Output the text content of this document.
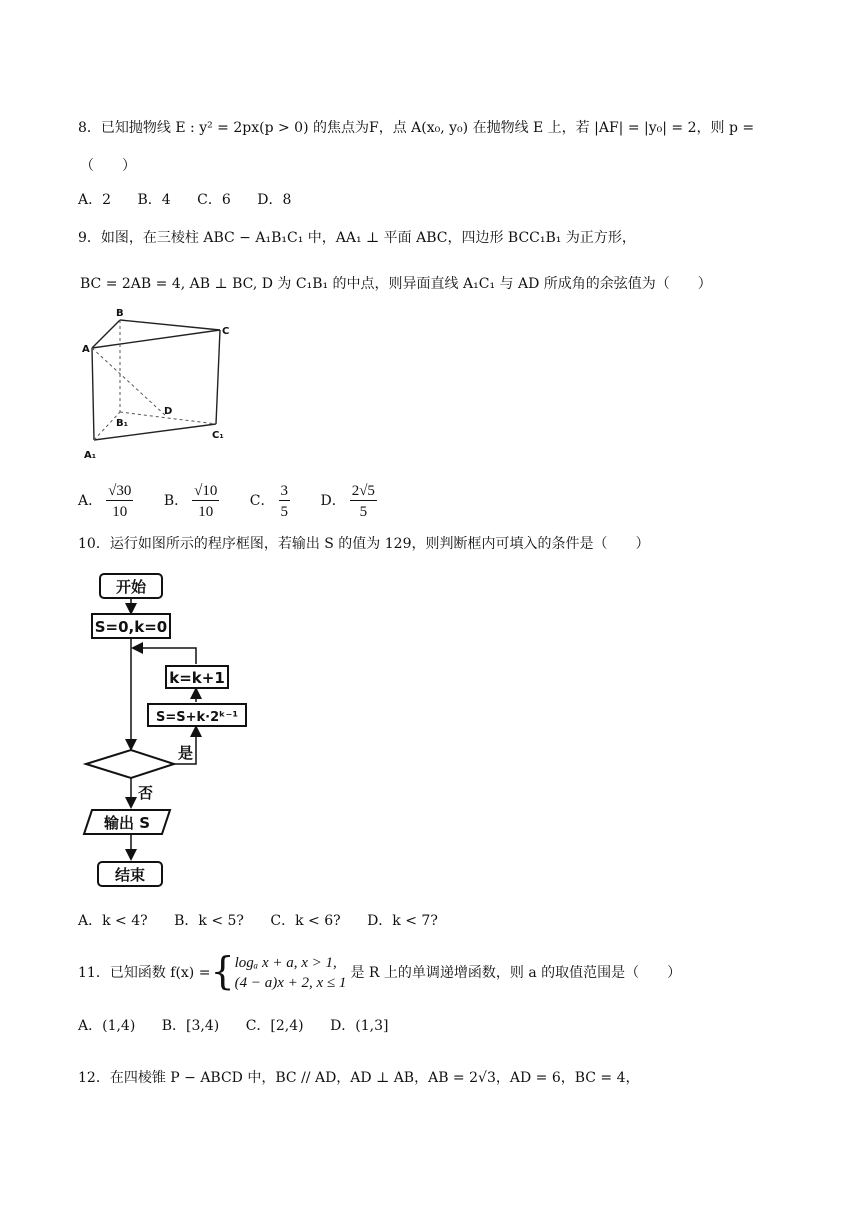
8．已知抛物线 E : y² = 2px(p > 0) 的焦点为F，点 A(x₀, y₀) 在抛物线 E 上，若 |AF| = |y₀| = 2，则 p =
（　　）
A．2 B．4 C．6 D．8
9．如图，在三棱柱 ABC − A₁B₁C₁ 中，AA₁ ⊥ 平面 ABC，四边形 BCC₁B₁ 为正方形，
BC = 2AB = 4, AB ⊥ BC, D 为 C₁B₁ 的中点，则异面直线 A₁C₁ 与 AD 所成角的余弦值为（　　）
A
B
C
D
B₁
C₁
A₁
A． $\frac{√30}{10}$ B． $\frac{√10}{10}$ C． $\frac{3}{5}$ D． $\frac{2√5}{5}$
10．运行如图所示的程序框图，若输出 S 的值为 129，则判断框内可填入的条件是（　　）
开始
S=0,k=0
k=k+1
S=S+k·2ᵏ⁻¹
是
否
输出 S
结束
A．k < 4? B．k < 5? C．k < 6? D．k < 7?
11．已知函数 f(x) = { logₐ x + a, x > 1,
(4 − a)x + 2, x ≤ 1
是 R 上的单调递增函数，则 a 的取值范围是（　　）
A．(1,4) B．[3,4) C．[2,4) D．(1,3]
12．在四棱锥 P − ABCD 中，BC // AD，AD ⊥ AB，AB = 2√3，AD = 6，BC = 4，
